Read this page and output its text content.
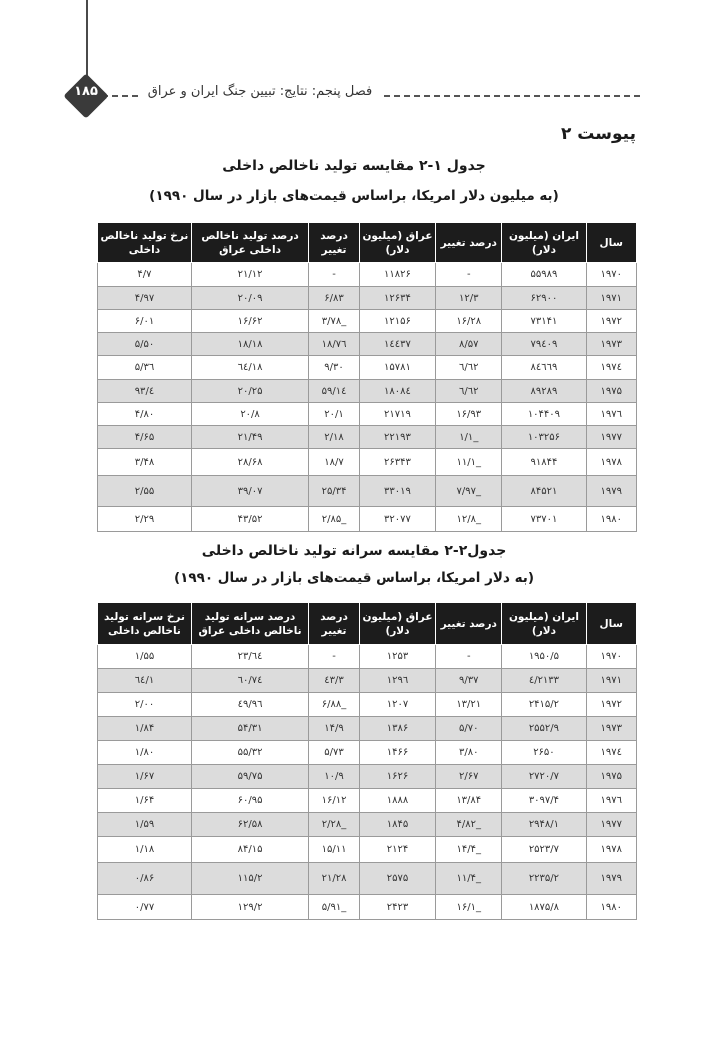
فصل پنجم: نتایج: تبیین جنگ ایران و عراق
۱۸۵
پیوست ۲
جدول ۱-۲ مقایسه تولید ناخالص داخلی
(به میلیون دلار امریکا، براساس قیمت‌های بازار در سال ۱۹۹۰)
سال	ایران (میلیون دلار)	درصد تغییر	عراق (میلیون دلار)	درصد تغییر	درصد تولید ناخالص داخلی عراق	نرخ تولید ناخالص داخلی
۱۹۷۰	۵۵۹۸۹	-	۱۱۸۲۶	-	۲۱/۱۲	۴/۷
۱۹۷۱	۶۲۹۰۰	۱۲/۳	۱۲۶۳۴	۶/۸۳	۲۰/۰۹	۴/۹۷
۱۹۷۲	۷۳۱۴۱	۱۶/۲۸	۱۲۱۵۶	_۳/۷۸	۱۶/۶۲	۶/۰۱
۱۹۷۳	۷۹٤۰۹	۸/۵۷	۱٤٤۳۷	۱۸/۷٦	۱۸/۱۸	۵/۵۰
۱۹۷٤	۸٤٦٦۹	٦/٦۲	۱۵۷۸۱	۹/۳۰	۱۸/٦٤	۵/۳٦
۱۹۷۵	۸۹۲۸۹	٦/٦۲	۱۸۰۸٤	۱٤/۵۹	۲۰/۲۵	٤/۹۳
۱۹۷٦	۱۰۴۴۰۹	۱۶/۹۳	۲۱۷۱۹	۲۰/۱	۲۰/۸	۴/۸۰
۱۹۷۷	۱۰۳۲۵۶	_۱/۱	۲۲۱۹۳	۲/۱۸	۲۱/۴۹	۴/۶۵
۱۹۷۸	۹۱۸۴۴	_۱۱/۱	۲۶۳۴۳	۱۸/۷	۲۸/۶۸	۳/۴۸
۱۹۷۹	۸۴۵۲۱	_۷/۹۷	۳۳۰۱۹	۲۵/۳۴	۳۹/۰۷	۲/۵۵
۱۹۸۰	۷۳۷۰۱	_۱۲/۸	۳۲۰۷۷	_۲/۸۵	۴۳/۵۲	۲/۲۹
جدول۲-۲ مقایسه سرانه تولید ناخالص داخلی
(به دلار امریکا، براساس قیمت‌های بازار در سال ۱۹۹۰)
سال	ایران (میلیون دلار)	درصد تغییر	عراق (میلیون دلار)	درصد تغییر	درصد سرانه تولید ناخالص داخلی عراق	نرخ سرانه تولید ناخالص داخلی
۱۹۷۰	۱۹۵۰/۵	-	۱۲۵۳	-	٦٤/۲۳	۱/۵۵
۱۹۷۱	۲۱۳۳/٤	۹/۳۷	۱۲۹٦	۳/٤۳	٦۰/۷٤	۱/٦٤
۱۹۷۲	۲۴۱۵/۲	۱۳/۲۱	۱۲۰۷	_۶/۸۸	٤۹/۹٦	۲/۰۰
۱۹۷۳	۲۵۵۲/۹	۵/۷۰	۱۳۸۶	۱۴/۹	۵۴/۳۱	۱/۸۴
۱۹۷٤	۲۶۵۰	۳/۸۰	۱۴۶۶	۵/۷۳	۵۵/۳۲	۱/۸۰
۱۹۷۵	۲۷۲۰/۷	۲/۶۷	۱۶۲۶	۱۰/۹	۵۹/۷۵	۱/۶۷
۱۹۷٦	۳۰۹۷/۴	۱۳/۸۴	۱۸۸۸	۱۶/۱۲	۶۰/۹۵	۱/۶۴
۱۹۷۷	۲۹۴۸/۱	_۴/۸۲	۱۸۴۵	_۲/۲۸	۶۲/۵۸	۱/۵۹
۱۹۷۸	۲۵۲۳/۷	_۱۴/۴	۲۱۲۴	۱۵/۱۱	۸۴/۱۵	۱/۱۸
۱۹۷۹	۲۲۳۵/۲	_۱۱/۴	۲۵۷۵	۲۱/۲۸	۱۱۵/۲	۰/۸۶
۱۹۸۰	۱۸۷۵/۸	_۱۶/۱	۲۴۲۳	_۵/۹۱	۱۲۹/۲	۰/۷۷
